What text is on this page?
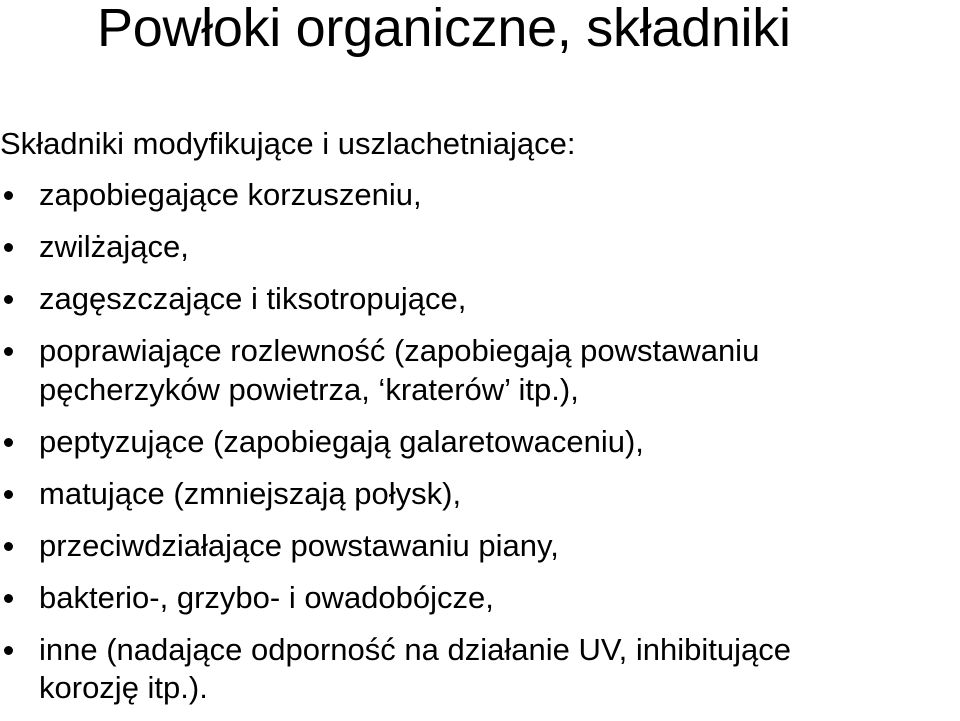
Powłoki organiczne, składniki

Składniki modyfikujące i uszlachetniające:

zapobiegające korzuszeniu,
zwilżające,
zagęszczające i tiksotropujące,
poprawiające rozlewność (zapobiegają powstawaniu
pęcherzyków powietrza, ‘kraterów’ itp.),
peptyzujące (zapobiegają galaretowaceniu),
matujące (zmniejszają połysk),
przeciwdziałające powstawaniu piany,
bakterio-, grzybo- i owadobójcze,
inne (nadające odporność na działanie UV, inhibitujące
korozję itp.).
